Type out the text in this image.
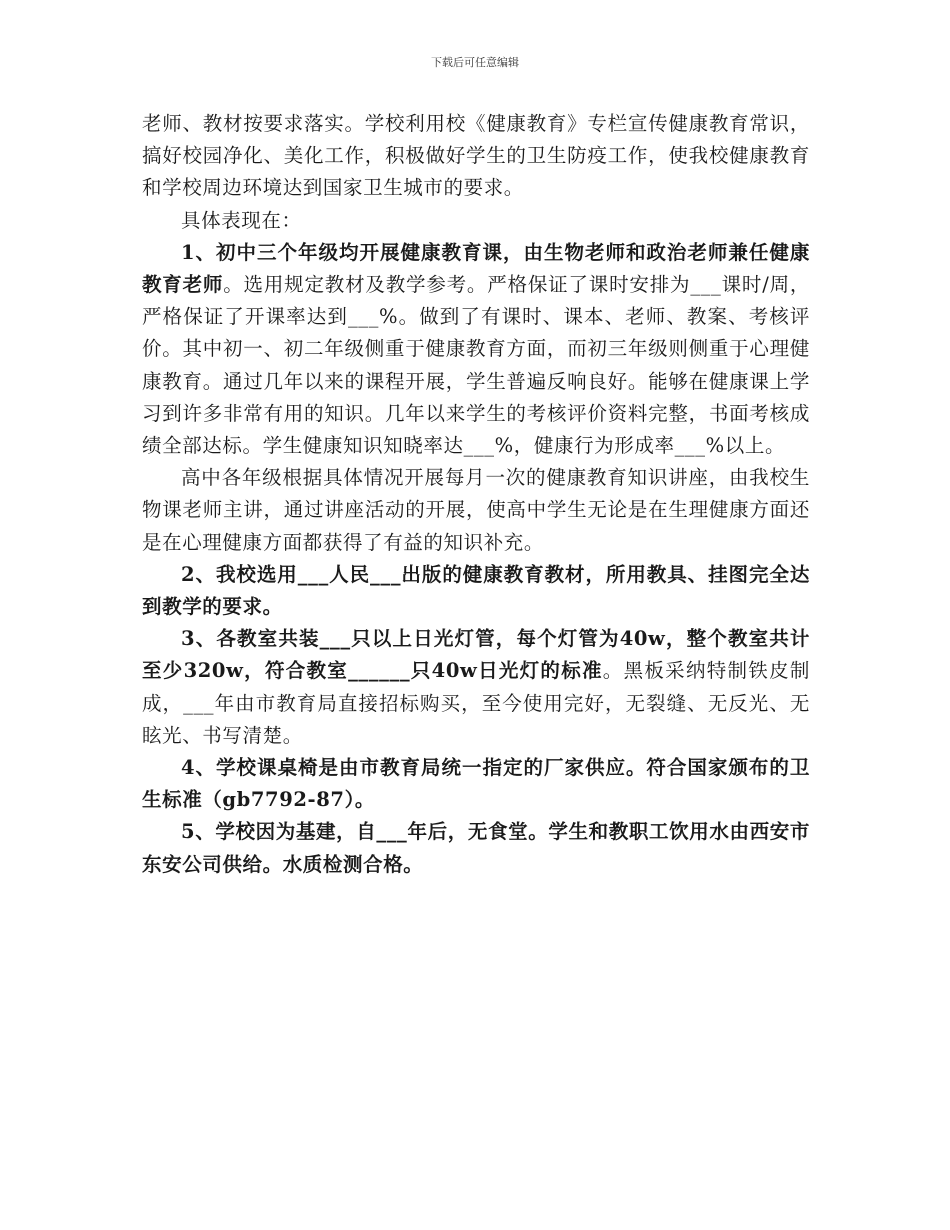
下载后可任意编辑

老师、教材按要求落实。学校利用校《健康教育》专栏宣传健康教育常识，搞好校园净化、美化工作，积极做好学生的卫生防疫工作，使我校健康教育和学校周边环境达到国家卫生城市的要求。

具体表现在：

1、初中三个年级均开展健康教育课，由生物老师和政治老师兼任健康教育老师。选用规定教材及教学参考。严格保证了课时安排为___课时/周，严格保证了开课率达到___%。做到了有课时、课本、老师、教案、考核评价。其中初一、初二年级侧重于健康教育方面，而初三年级则侧重于心理健康教育。通过几年以来的课程开展，学生普遍反响良好。能够在健康课上学习到许多非常有用的知识。几年以来学生的考核评价资料完整，书面考核成绩全部达标。学生健康知识知晓率达___%，健康行为形成率___%以上。

高中各年级根据具体情况开展每月一次的健康教育知识讲座，由我校生物课老师主讲，通过讲座活动的开展，使高中学生无论是在生理健康方面还是在心理健康方面都获得了有益的知识补充。

2、我校选用___人民___出版的健康教育教材，所用教具、挂图完全达到教学的要求。

3、各教室共装___只以上日光灯管，每个灯管为40w，整个教室共计至少320w，符合教室______只40w日光灯的标准。黑板采纳特制铁皮制成，___年由市教育局直接招标购买，至今使用完好，无裂缝、无反光、无眩光、书写清楚。

4、学校课桌椅是由市教育局统一指定的厂家供应。符合国家颁布的卫生标准（gb7792-87）。

5、学校因为基建，自___年后，无食堂。学生和教职工饮用水由西安市东安公司供给。水质检测合格。
